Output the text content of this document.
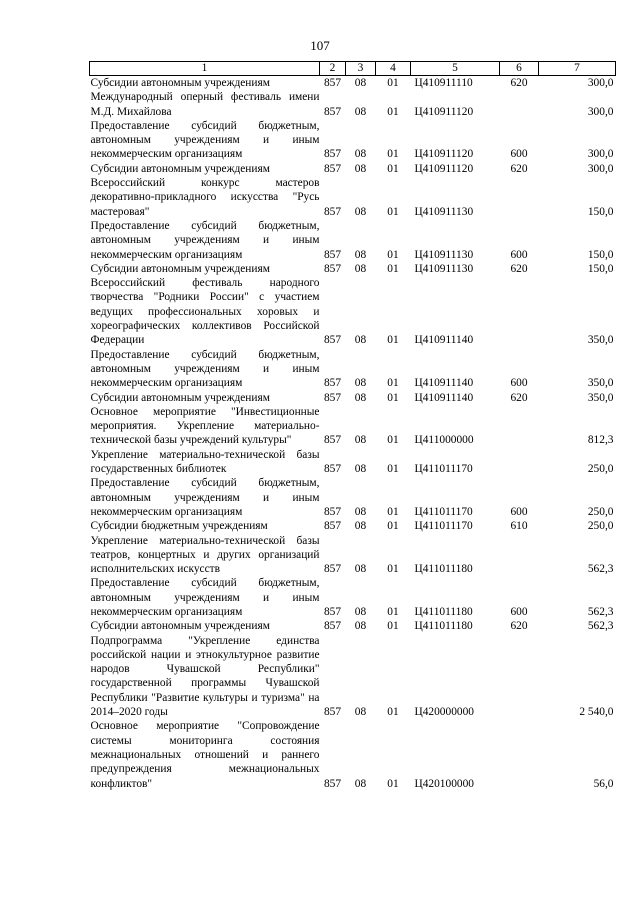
107
1	2	3	4	5	6	7
Субсидии автономным учреждениям	857	08	01	Ц410911110	620	300,0
Международный оперный фестиваль имени М.Д. Михайлова	857	08	01	Ц410911120		300,0
Предоставление субсидий бюджетным, автономным учреждениям и иным некоммерческим организациям	857	08	01	Ц410911120	600	300,0
Субсидии автономным учреждениям	857	08	01	Ц410911120	620	300,0
Всероссийский конкурс мастеров декоративно-прикладного искусства "Русь мастеровая"	857	08	01	Ц410911130		150,0
Предоставление субсидий бюджетным, автономным учреждениям и иным некоммерческим организациям	857	08	01	Ц410911130	600	150,0
Субсидии автономным учреждениям	857	08	01	Ц410911130	620	150,0
Всероссийский фестиваль народного творчества "Родники России" с участием ведущих профессиональных хоровых и хореографических коллективов Российской Федерации	857	08	01	Ц410911140		350,0
Предоставление субсидий бюджетным, автономным учреждениям и иным некоммерческим организациям	857	08	01	Ц410911140	600	350,0
Субсидии автономным учреждениям	857	08	01	Ц410911140	620	350,0
Основное мероприятие "Инвестиционные мероприятия. Укрепление материально-технической базы учреждений культуры"	857	08	01	Ц411000000		812,3
Укрепление материально-технической базы государственных библиотек	857	08	01	Ц411011170		250,0
Предоставление субсидий бюджетным, автономным учреждениям и иным некоммерческим организациям	857	08	01	Ц411011170	600	250,0
Субсидии бюджетным учреждениям	857	08	01	Ц411011170	610	250,0
Укрепление материально-технической базы театров, концертных и других организаций исполнительских искусств	857	08	01	Ц411011180		562,3
Предоставление субсидий бюджетным, автономным учреждениям и иным некоммерческим организациям	857	08	01	Ц411011180	600	562,3
Субсидии автономным учреждениям	857	08	01	Ц411011180	620	562,3
Подпрограмма "Укрепление единства российской нации и этнокультурное развитие народов Чувашской Республики" государственной программы Чувашской Республики "Развитие культуры и туризма" на 2014–2020 годы	857	08	01	Ц420000000		2 540,0
Основное мероприятие "Сопровождение системы мониторинга состояния межнациональных отношений и раннего предупреждения межнациональных конфликтов"	857	08	01	Ц420100000		56,0
